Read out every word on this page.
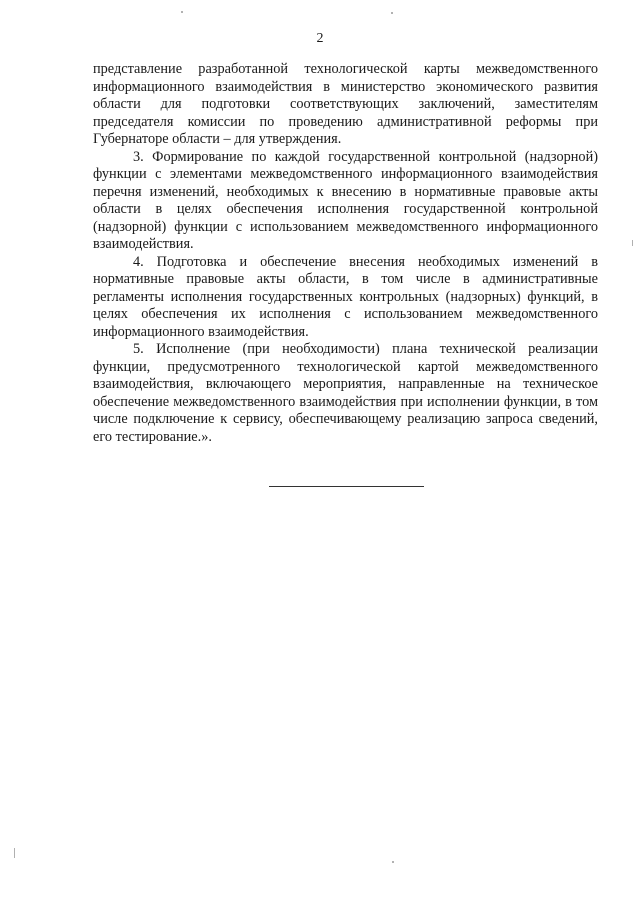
2

представление разработанной технологической карты межведомственного информационного взаимодействия в министерство экономического развития области для подготовки соответствующих заключений, заместителям председателя комиссии по проведению административной реформы при Губернаторе области – для утверждения.

3. Формирование по каждой государственной контрольной (надзорной) функции с элементами межведомственного информационного взаимодействия перечня изменений, необходимых к внесению в нормативные правовые акты области в целях обеспечения исполнения государственной контрольной (надзорной) функции с использованием межведомственного информационного взаимодействия.

4. Подготовка и обеспечение внесения необходимых изменений в нормативные правовые акты области, в том числе в административные регламенты исполнения государственных контрольных (надзорных) функций, в целях обеспечения их исполнения с использованием межведомственного информационного взаимодействия.

5. Исполнение (при необходимости) плана технической реализации функции, предусмотренного технологической картой межведомственного взаимодействия, включающего мероприятия, направленные на техническое обеспечение межведомственного взаимодействия при исполнении функции, в том числе подключение к сервису, обеспечивающему реализацию запроса сведений, его тестирование.».
